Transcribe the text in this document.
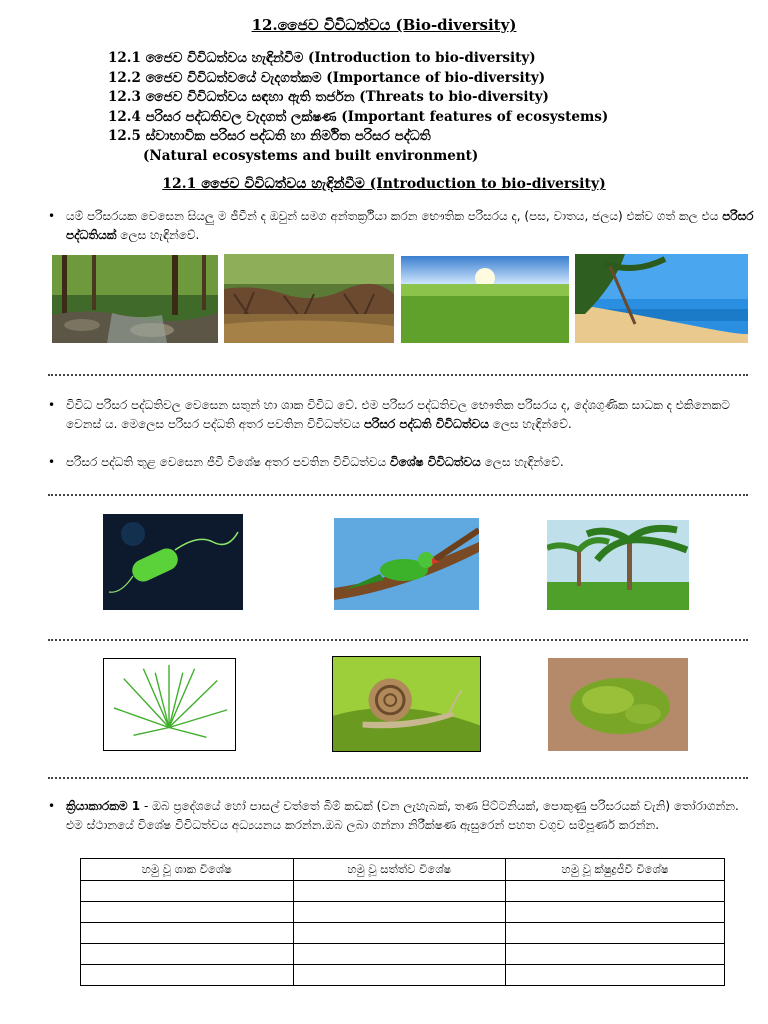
12.ජෛව විවිධත්වය (Bio-diversity)
12.1 ජෛව විවිධත්වය හැඳින්වීම (Introduction to bio-diversity)
12.2 ජෛව විවිධත්වයේ වැදගත්කම (Importance of bio-diversity)
12.3 ජෛව විවිධත්වය සඳහා ඇති තර්ජන (Threats to bio-diversity)
12.4 පරිසර පද්ධතිවල වැදගත් ලක්ෂණ (Important features of ecosystems)
12.5 ස්වාභාවික පරිසර පද්ධති හා නිර්මිත පරිසර පද්ධති
(Natural ecosystems and built environment)
12.1 ජෛව විවිධත්වය හැඳින්වීම (Introduction to bio-diversity)
• යම් පරිසරයක වෙසෙන සියලු ම ජීවීන් ද ඔවුන් සමග අන්තර්ක්‍රියා කරන භෞතික පරිසරය ද, (පස, වාතය, ජලය) එක්ව ගත් කල එය පරිසර පද්ධතියක් ලෙස හැඳින්වේ.
• විවිධ පරිසර පද්ධතිවල වෙසෙන සතුන් හා ශාක විවිධ වේ. එම පරිසර පද්ධතිවල භෞතික පරිසරය ද, දේශගුණික සාධක ද එකිනෙකට වෙනස් ය. මෙලෙස පරිසර පද්ධති අතර පවතින විවිධත්වය පරිසර පද්ධති විවිධත්වය ලෙස හැඳින්වේ.
• පරිසර පද්ධති තුළ වෙසෙන ජීවී විශේෂ අතර පවතින විවිධත්වය විශේෂ විවිධත්වය ලෙස හැඳින්වේ.
• ක්‍රියාකාරකම 1 - ඔබ ප්‍රදේශයේ හෝ පාසල් වත්තේ බිම් කඩක් (වන ලැහැබක්, තණ පිට්ටනියක්, පොකුණු පරිසරයක් වැනි) තෝරාගන්න. එම ස්ථානයේ විශේෂ විවිධත්වය අධ්‍යයනය කරන්න.ඔබ ලබා ගන්නා නිරීක්ෂණ ඇසුරෙන් පහත වගුව සම්පූර්ණ කරන්න.
හමු වූ ශාක විශේෂ	හමු වූ සත්ත්ව විශේෂ	හමු වූ ක්ෂුද්‍රජීවී විශේෂ
